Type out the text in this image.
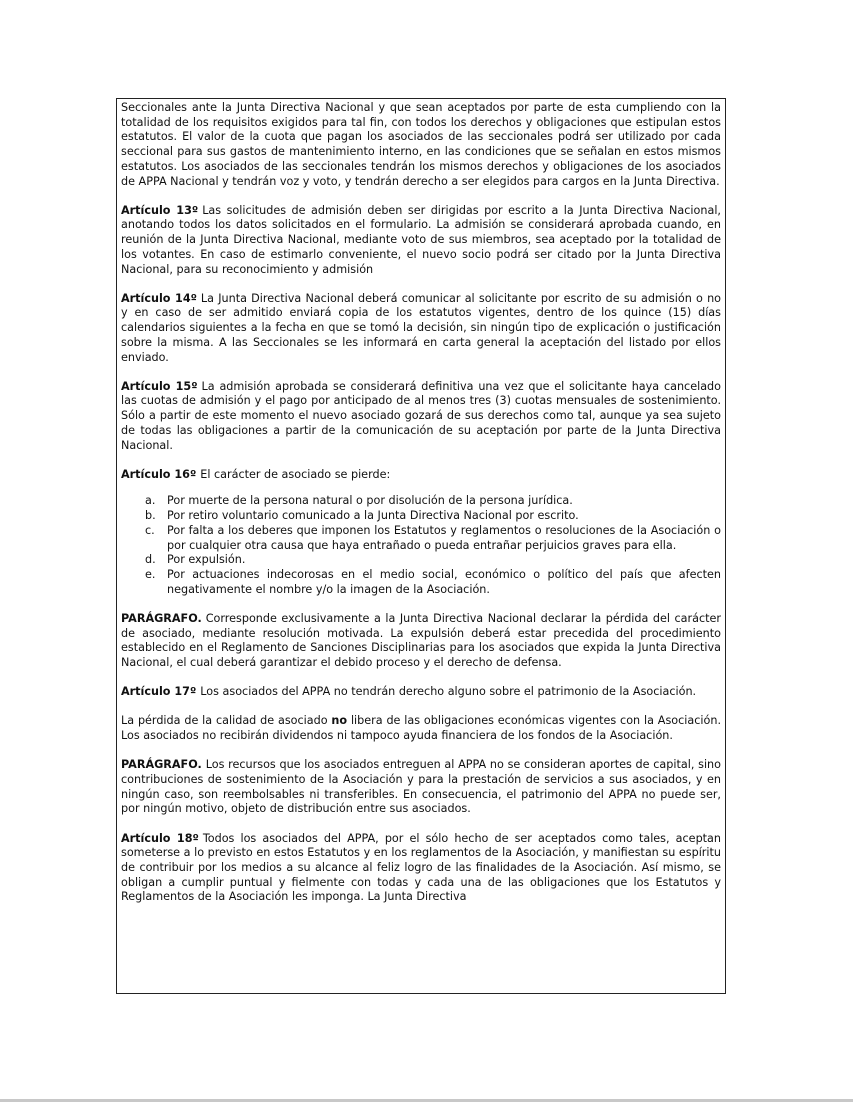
Seccionales ante la Junta Directiva Nacional y que sean aceptados por parte de esta cumpliendo con la totalidad de los requisitos exigidos para tal fin, con todos los derechos y obligaciones que estipulan estos estatutos. El valor de la cuota que pagan los asociados de las seccionales podrá ser utilizado por cada seccional para sus gastos de mantenimiento interno, en las condiciones que se señalan en estos mismos estatutos. Los asociados de las seccionales tendrán los mismos derechos y obligaciones de los asociados de APPA Nacional y tendrán voz y voto, y tendrán derecho a ser elegidos para cargos en la Junta Directiva.

Artículo 13º Las solicitudes de admisión deben ser dirigidas por escrito a la Junta Directiva Nacional, anotando todos los datos solicitados en el formulario. La admisión se considerará aprobada cuando, en reunión de la Junta Directiva Nacional, mediante voto de sus miembros, sea aceptado por la totalidad de los votantes. En caso de estimarlo conveniente, el nuevo socio podrá ser citado por la Junta Directiva Nacional, para su reconocimiento y admisión

Artículo 14º La Junta Directiva Nacional deberá comunicar al solicitante por escrito de su admisión o no y en caso de ser admitido enviará copia de los estatutos vigentes, dentro de los quince (15) días calendarios siguientes a la fecha en que se tomó la decisión, sin ningún tipo de explicación o justificación sobre la misma. A las Seccionales se les informará en carta general la aceptación del listado por ellos enviado.

Artículo 15º La admisión aprobada se considerará definitiva una vez que el solicitante haya cancelado las cuotas de admisión y el pago por anticipado de al menos tres (3) cuotas mensuales de sostenimiento. Sólo a partir de este momento el nuevo asociado gozará de sus derechos como tal, aunque ya sea sujeto de todas las obligaciones a partir de la comunicación de su aceptación por parte de la Junta Directiva Nacional.

Artículo 16º El carácter de asociado se pierde:

a. Por muerte de la persona natural o por disolución de la persona jurídica.
b. Por retiro voluntario comunicado a la Junta Directiva Nacional por escrito.
c. Por falta a los deberes que imponen los Estatutos y reglamentos o resoluciones de la Asociación o por cualquier otra causa que haya entrañado o pueda entrañar perjuicios graves para ella.
d. Por expulsión.
e. Por actuaciones indecorosas en el medio social, económico o político del país que afecten negativamente el nombre y/o la imagen de la Asociación.

PARÁGRAFO. Corresponde exclusivamente a la Junta Directiva Nacional declarar la pérdida del carácter de asociado, mediante resolución motivada. La expulsión deberá estar precedida del procedimiento establecido en el Reglamento de Sanciones Disciplinarias para los asociados que expida la Junta Directiva Nacional, el cual deberá garantizar el debido proceso y el derecho de defensa.

Artículo 17º Los asociados del APPA no tendrán derecho alguno sobre el patrimonio de la Asociación.

La pérdida de la calidad de asociado no libera de las obligaciones económicas vigentes con la Asociación. Los asociados no recibirán dividendos ni tampoco ayuda financiera de los fondos de la Asociación.

PARÁGRAFO. Los recursos que los asociados entreguen al APPA no se consideran aportes de capital, sino contribuciones de sostenimiento de la Asociación y para la prestación de servicios a sus asociados, y en ningún caso, son reembolsables ni transferibles. En consecuencia, el patrimonio del APPA no puede ser, por ningún motivo, objeto de distribución entre sus asociados.

Artículo 18º Todos los asociados del APPA, por el sólo hecho de ser aceptados como tales, aceptan someterse a lo previsto en estos Estatutos y en los reglamentos de la Asociación, y manifiestan su espíritu de contribuir por los medios a su alcance al feliz logro de las finalidades de la Asociación. Así mismo, se obligan a cumplir puntual y fielmente con todas y cada una de las obligaciones que los Estatutos y Reglamentos de la Asociación les imponga. La Junta Directiva
